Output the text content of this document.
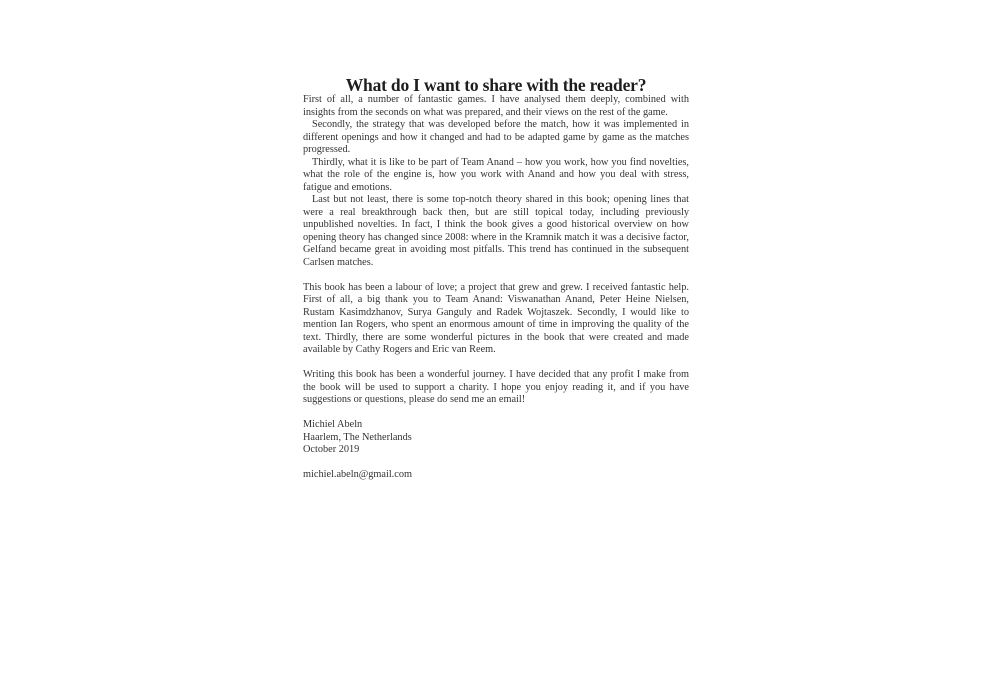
What do I want to share with the reader?

First of all, a number of fantastic games. I have analysed them deeply, combined with insights from the seconds on what was prepared, and their views on the rest of the game.

Secondly, the strategy that was developed before the match, how it was implemented in different openings and how it changed and had to be adapted game by game as the matches progressed.

Thirdly, what it is like to be part of Team Anand – how you work, how you find novelties, what the role of the engine is, how you work with Anand and how you deal with stress, fatigue and emotions.

Last but not least, there is some top-notch theory shared in this book; opening lines that were a real breakthrough back then, but are still topical today, including previously unpublished novelties. In fact, I think the book gives a good historical overview on how opening theory has changed since 2008: where in the Kramnik match it was a decisive factor, Gelfand became great in avoiding most pitfalls. This trend has continued in the subsequent Carlsen matches.

This book has been a labour of love; a project that grew and grew. I received fantastic help. First of all, a big thank you to Team Anand: Viswanathan Anand, Peter Heine Nielsen, Rustam Kasimdzhanov, Surya Ganguly and Radek Wojtaszek. Secondly, I would like to mention Ian Rogers, who spent an enormous amount of time in improving the quality of the text. Thirdly, there are some wonderful pictures in the book that were created and made available by Cathy Rogers and Eric van Reem.

Writing this book has been a wonderful journey. I have decided that any profit I make from the book will be used to support a charity. I hope you enjoy reading it, and if you have suggestions or questions, please do send me an email!

Michiel Abeln

Haarlem, The Netherlands

October 2019

michiel.abeln@gmail.com
